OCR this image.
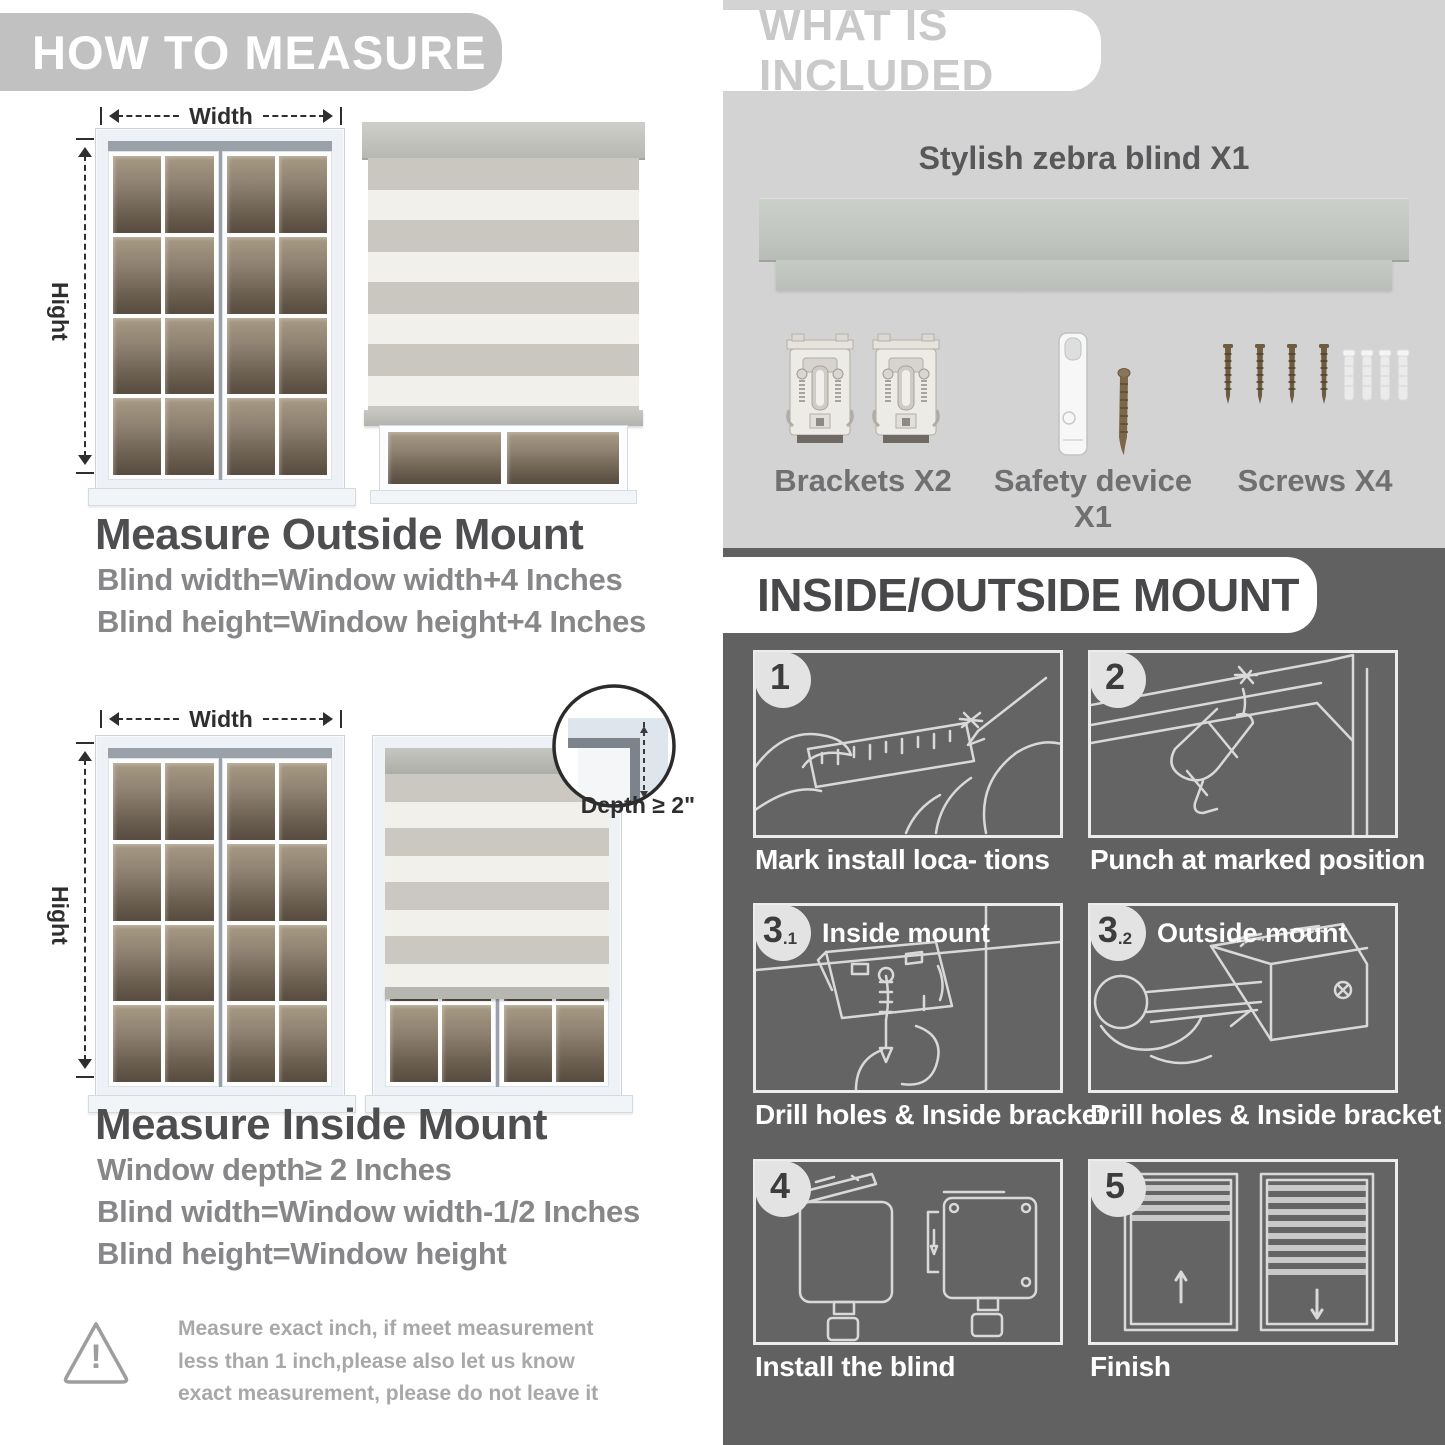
HOW TO MEASURE
Width
Hight
Measure Outside Mount
Blind width=Window width+4 Inches
Blind height=Window height+4 Inches
Width
Hight
Depth ≥ 2"
Measure Inside Mount
Window depth≥ 2 Inches
Blind width=Window width-1/2 Inches
Blind height=Window height
!
Measure exact inch, if meet measurement less than 1 inch,please also let us know exact measurement, please do not leave it
WHAT IS INCLUDED
Stylish zebra blind X1
Brackets X2	Safety device X1
Screws X4
INSIDE/OUTSIDE MOUNT
1
Mark install loca- tions
2
Punch at marked position
3 .1 Inside mount
Drill holes & Inside bracket
3 .2 Outside mount
Drill holes & Inside bracket
4
Install the blind
5
Finish
